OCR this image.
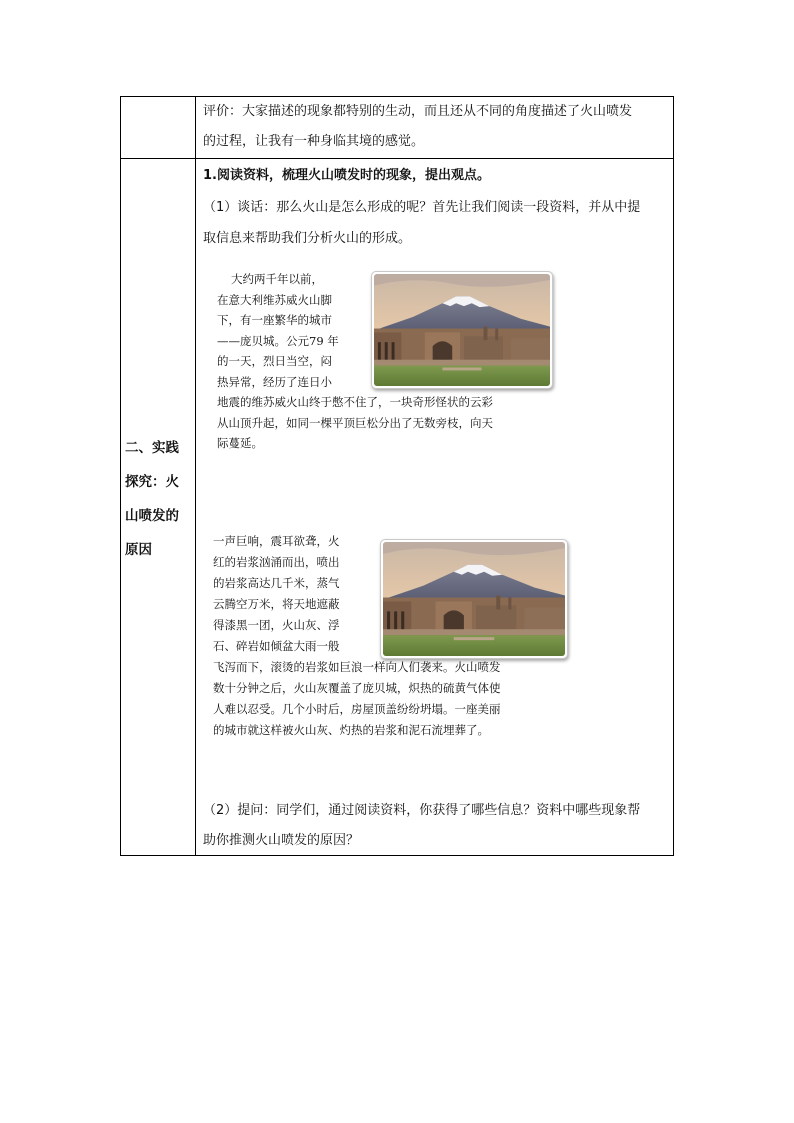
评价：大家描述的现象都特别的生动，而且还从不同的角度描述了火山喷发
的过程，让我有一种身临其境的感觉。
二、实践
探究：火
山喷发的
原因
1.阅读资料，梳理火山喷发时的现象，提出观点。
（1）谈话：那么火山是怎么形成的呢？首先让我们阅读一段资料，并从中提
取信息来帮助我们分析火山的形成。
大约两千年以前，
在意大利维苏威火山脚
下，有一座繁华的城市
——庞贝城。公元79 年
的一天，烈日当空，闷
热异常，经历了连日小
地震的维苏威火山终于憋不住了，一块奇形怪状的云彩
从山顶升起，如同一棵平顶巨松分出了无数旁枝，向天
际蔓延。
一声巨响，震耳欲聋，火
红的岩浆汹涌而出，喷出
的岩浆高达几千米，蒸气
云腾空万米，将天地遮蔽
得漆黑一团，火山灰、浮
石、碎岩如倾盆大雨一般
飞泻而下，滚烫的岩浆如巨浪一样向人们袭来。火山喷发
数十分钟之后，火山灰覆盖了庞贝城，炽热的硫黄气体使
人难以忍受。几个小时后，房屋顶盖纷纷坍塌。一座美丽
的城市就这样被火山灰、灼热的岩浆和泥石流埋葬了。
（2）提问：同学们，通过阅读资料，你获得了哪些信息？资料中哪些现象帮
助你推测火山喷发的原因？
